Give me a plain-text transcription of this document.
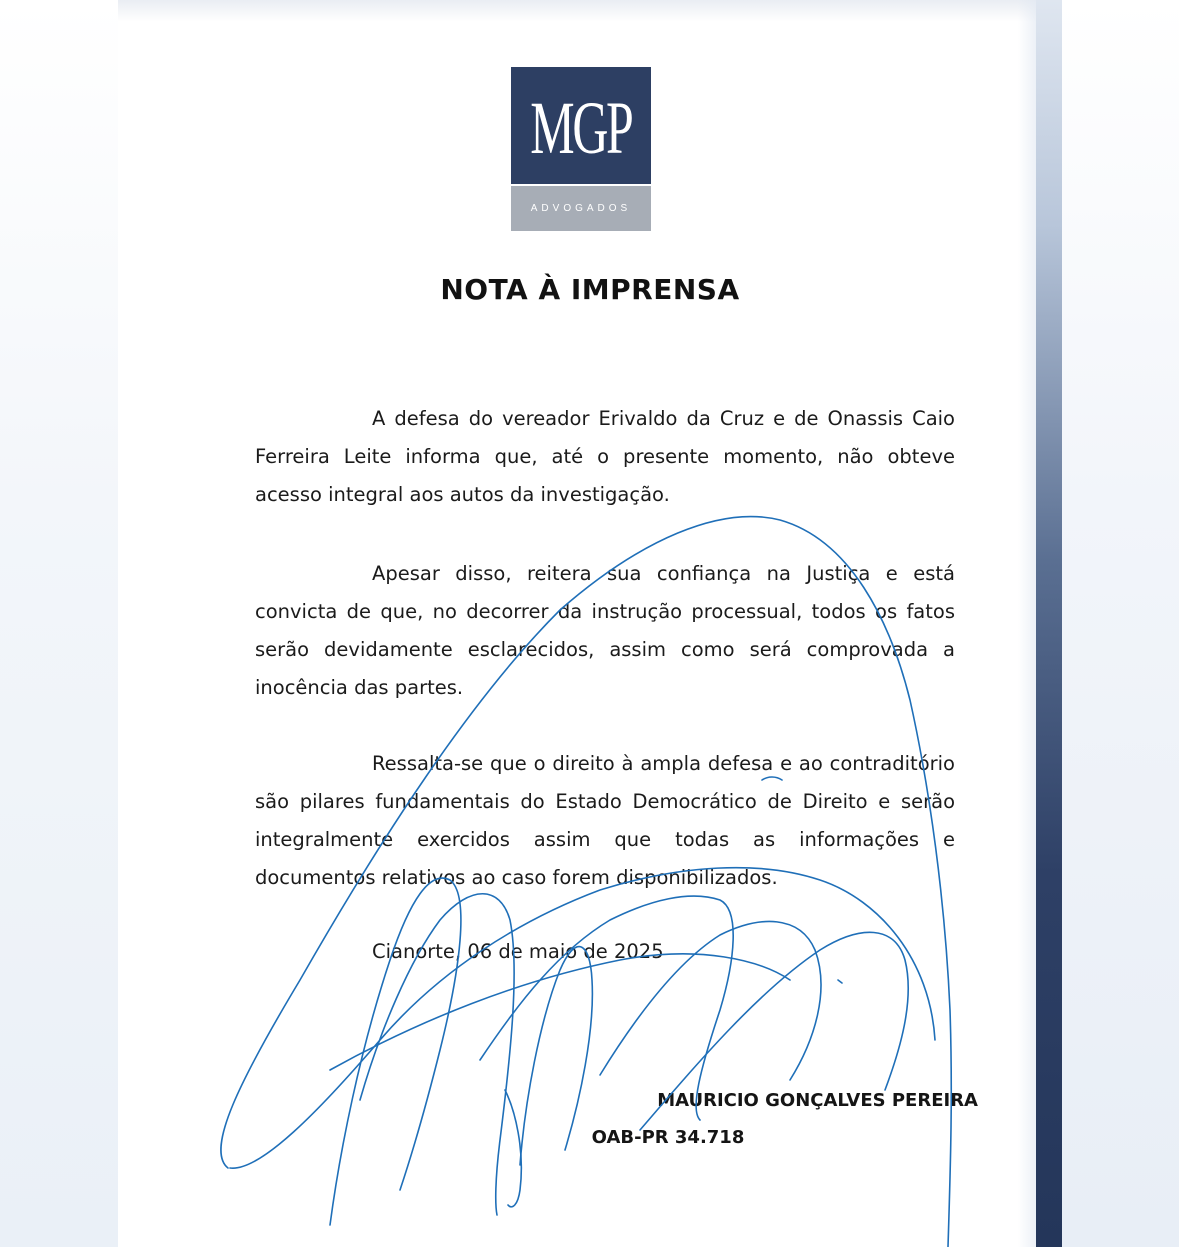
MGP
ADVOGADOS
NOTA À IMPRENSA

A defesa do vereador Erivaldo da Cruz e de Onassis Caio Ferreira Leite informa que, até o presente momento, não obteve acesso integral aos autos da investigação.

Apesar disso, reitera sua confiança na Justiça e está convicta de que, no decorrer da instrução processual, todos os fatos serão devidamente esclarecidos, assim como será comprovada a inocência das partes.

Ressalta-se que o direito à ampla defesa e ao contraditório são pilares fundamentais do Estado Democrático de Direito e serão integralmente exercidos assim que todas as informações e documentos relativos ao caso forem disponibilizados.

Cianorte, 06 de maio de 2025
MAURICIO GONÇALVES PEREIRA
OAB-PR 34.718
